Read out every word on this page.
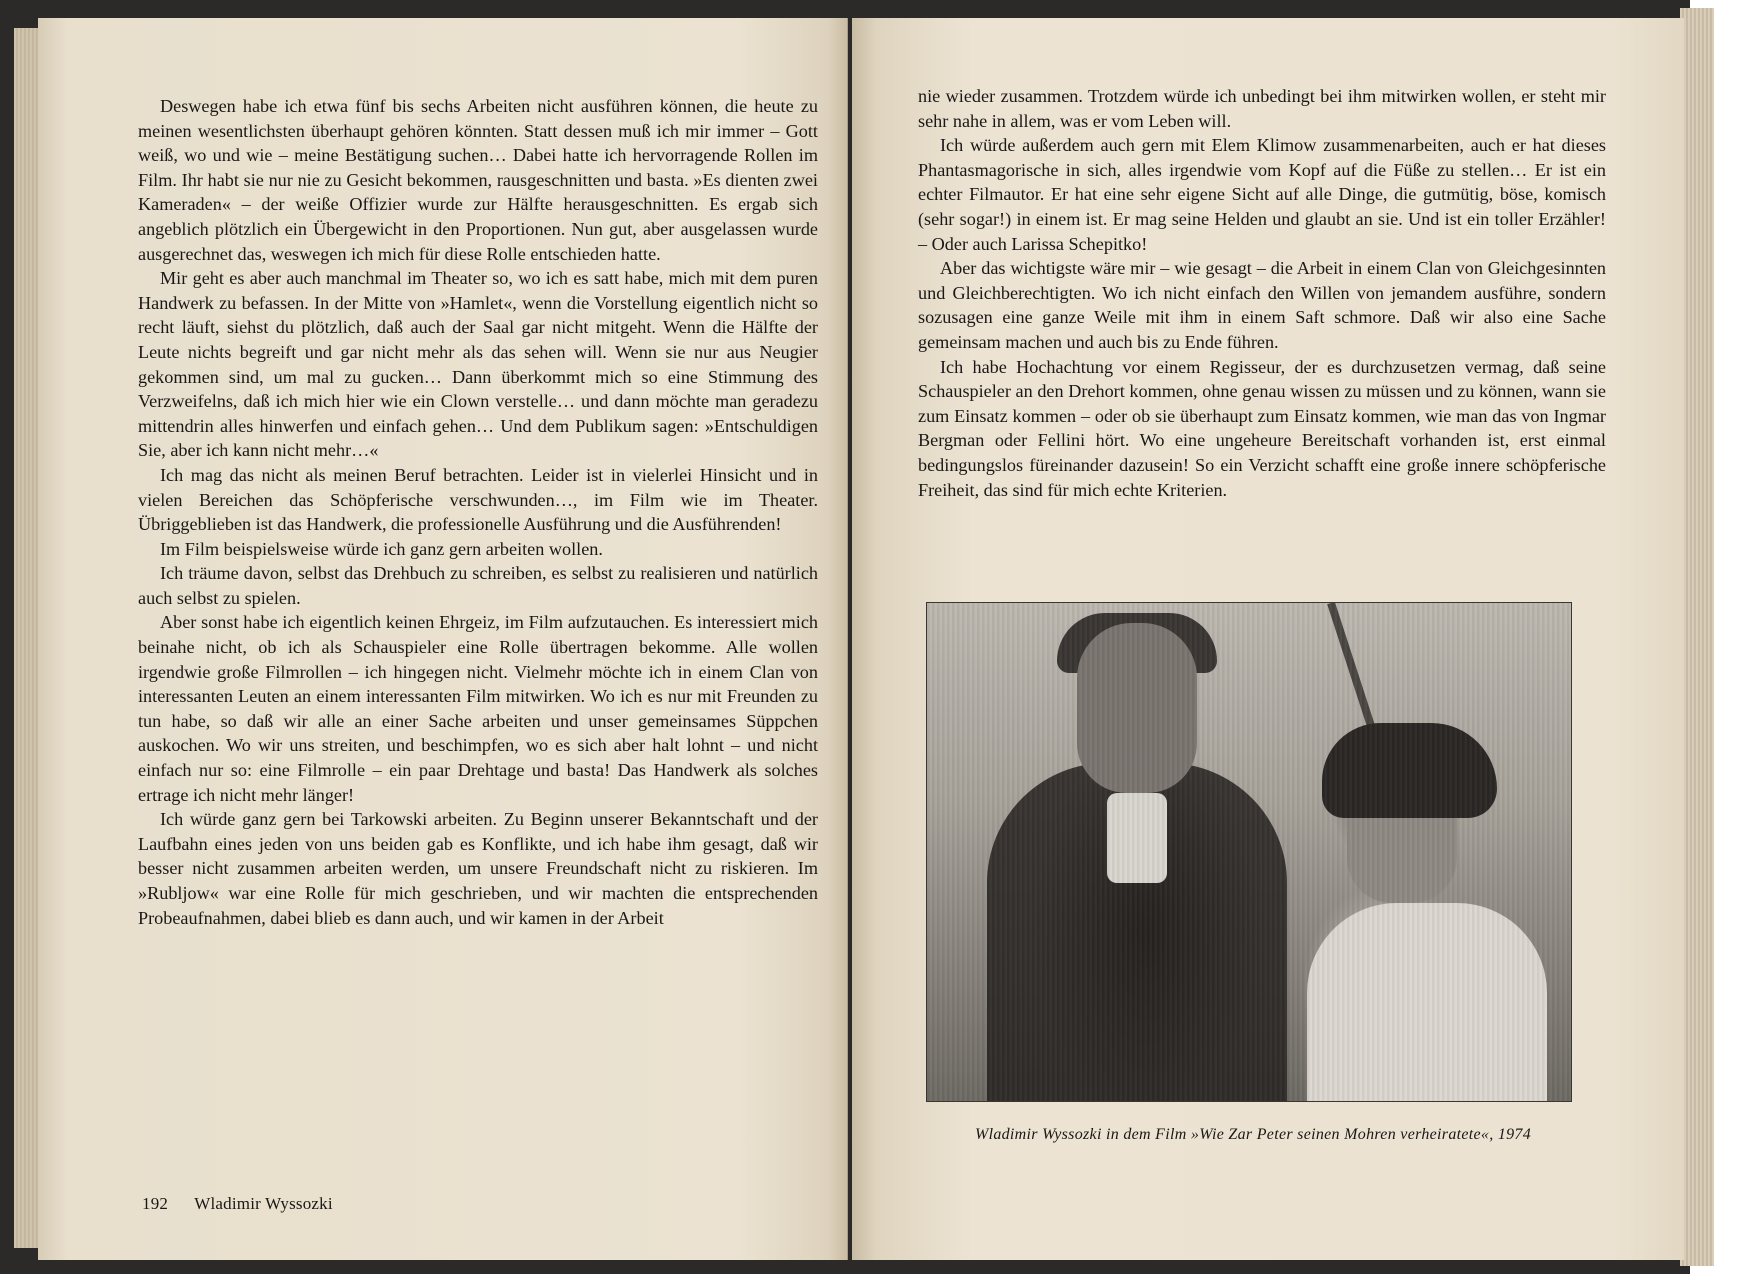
Deswegen habe ich etwa fünf bis sechs Arbeiten nicht ausführen können, die heute zu meinen wesentlichsten überhaupt gehören könnten. Statt dessen muß ich mir immer – Gott weiß, wo und wie – meine Bestätigung suchen… Dabei hatte ich hervorragende Rollen im Film. Ihr habt sie nur nie zu Gesicht bekommen, rausgeschnitten und basta. »Es dienten zwei Kameraden« – der weiße Offizier wurde zur Hälfte herausgeschnitten. Es ergab sich angeblich plötzlich ein Übergewicht in den Proportionen. Nun gut, aber ausgelassen wurde ausgerechnet das, weswegen ich mich für diese Rolle entschieden hatte.

Mir geht es aber auch manchmal im Theater so, wo ich es satt habe, mich mit dem puren Handwerk zu befassen. In der Mitte von »Hamlet«, wenn die Vorstellung eigentlich nicht so recht läuft, siehst du plötzlich, daß auch der Saal gar nicht mitgeht. Wenn die Hälfte der Leute nichts begreift und gar nicht mehr als das sehen will. Wenn sie nur aus Neugier gekommen sind, um mal zu gucken… Dann überkommt mich so eine Stimmung des Verzweifelns, daß ich mich hier wie ein Clown verstelle… und dann möchte man geradezu mittendrin alles hinwerfen und einfach gehen… Und dem Publikum sagen: »Entschuldigen Sie, aber ich kann nicht mehr…«

Ich mag das nicht als meinen Beruf betrachten. Leider ist in vielerlei Hinsicht und in vielen Bereichen das Schöpferische verschwunden…, im Film wie im Theater. Übriggeblieben ist das Handwerk, die professionelle Ausführung und die Ausführenden!

Im Film beispielsweise würde ich ganz gern arbeiten wollen.

Ich träume davon, selbst das Drehbuch zu schreiben, es selbst zu realisieren und natürlich auch selbst zu spielen.

Aber sonst habe ich eigentlich keinen Ehrgeiz, im Film aufzutauchen. Es interessiert mich beinahe nicht, ob ich als Schauspieler eine Rolle übertragen bekomme. Alle wollen irgendwie große Filmrollen – ich hingegen nicht. Vielmehr möchte ich in einem Clan von interessanten Leuten an einem interessanten Film mitwirken. Wo ich es nur mit Freunden zu tun habe, so daß wir alle an einer Sache arbeiten und unser gemeinsames Süppchen auskochen. Wo wir uns streiten, und beschimpfen, wo es sich aber halt lohnt – und nicht einfach nur so: eine Filmrolle – ein paar Drehtage und basta! Das Handwerk als solches ertrage ich nicht mehr länger!

Ich würde ganz gern bei Tarkowski arbeiten. Zu Beginn unserer Bekanntschaft und der Laufbahn eines jeden von uns beiden gab es Konflikte, und ich habe ihm gesagt, daß wir besser nicht zusammen arbeiten werden, um unsere Freundschaft nicht zu riskieren. Im »Rubljow« war eine Rolle für mich geschrieben, und wir machten die entsprechenden Probeaufnahmen, dabei blieb es dann auch, und wir kamen in der Arbeit

192 Wladimir Wyssozki

nie wieder zusammen. Trotzdem würde ich unbedingt bei ihm mitwirken wollen, er steht mir sehr nahe in allem, was er vom Leben will.

Ich würde außerdem auch gern mit Elem Klimow zusammenarbeiten, auch er hat dieses Phantasmagorische in sich, alles irgendwie vom Kopf auf die Füße zu stellen… Er ist ein echter Filmautor. Er hat eine sehr eigene Sicht auf alle Dinge, die gutmütig, böse, komisch (sehr sogar!) in einem ist. Er mag seine Helden und glaubt an sie. Und ist ein toller Erzähler! – Oder auch Larissa Schepitko!

Aber das wichtigste wäre mir – wie gesagt – die Arbeit in einem Clan von Gleichgesinnten und Gleichberechtigten. Wo ich nicht einfach den Willen von jemandem ausführe, sondern sozusagen eine ganze Weile mit ihm in einem Saft schmore. Daß wir also eine Sache gemeinsam machen und auch bis zu Ende führen.

Ich habe Hochachtung vor einem Regisseur, der es durchzusetzen vermag, daß seine Schauspieler an den Drehort kommen, ohne genau wissen zu müssen und zu können, wann sie zum Einsatz kommen – oder ob sie überhaupt zum Einsatz kommen, wie man das von Ingmar Bergman oder Fellini hört. Wo eine ungeheure Bereitschaft vorhanden ist, erst einmal bedingungslos füreinander dazusein! So ein Verzicht schafft eine große innere schöpferische Freiheit, das sind für mich echte Kriterien.

Wladimir Wyssozki in dem Film »Wie Zar Peter seinen Mohren verheiratete«, 1974
